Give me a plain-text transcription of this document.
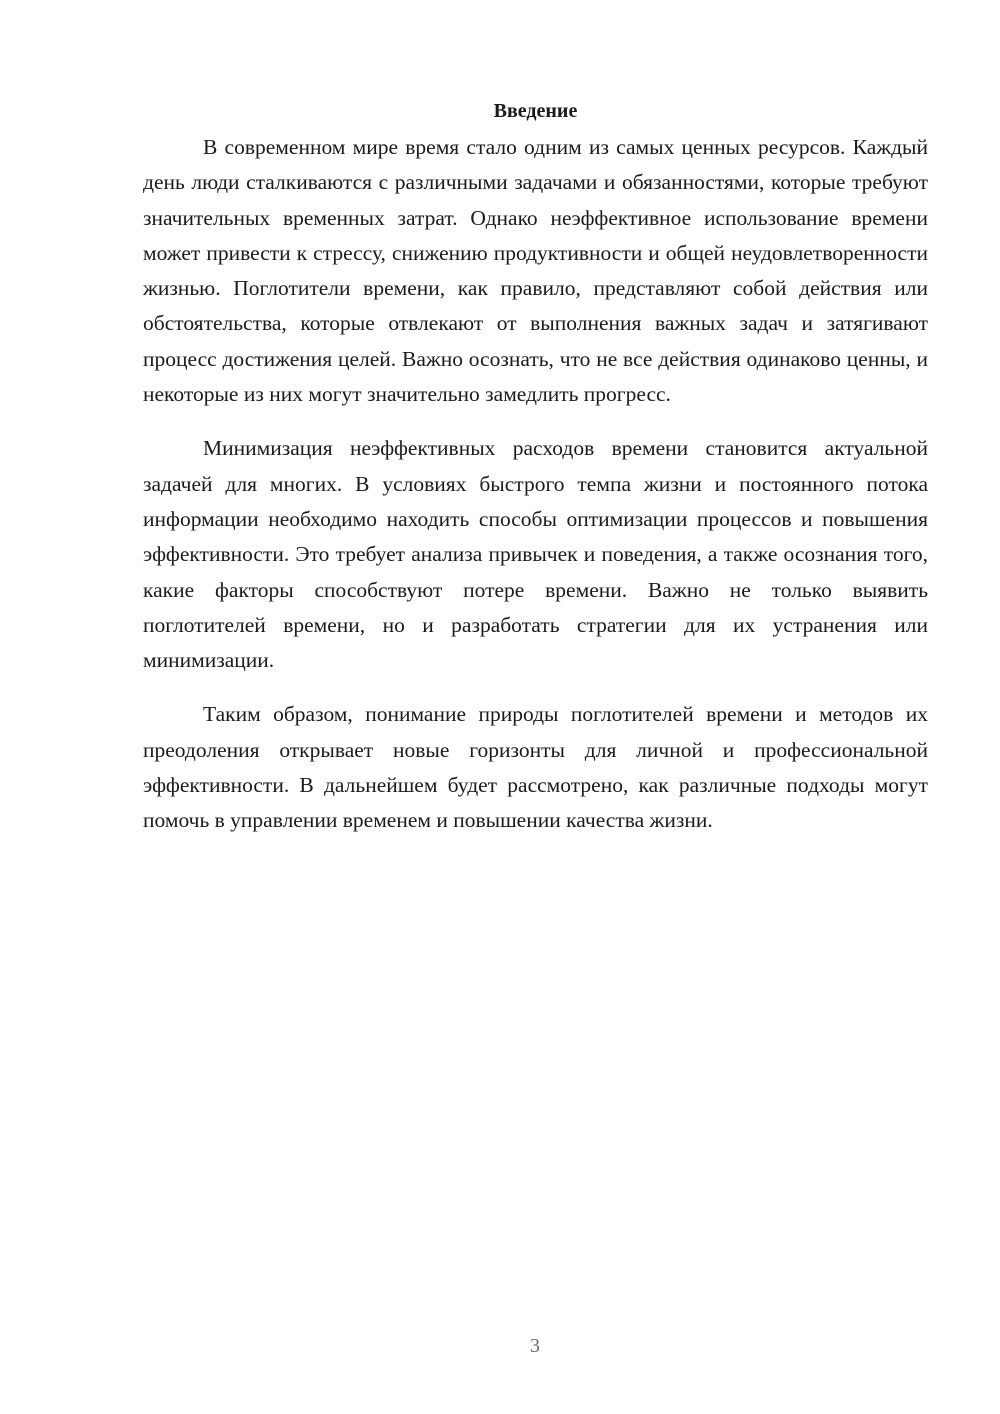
Введение

В современном мире время стало одним из самых ценных ресурсов. Каждый день люди сталкиваются с различными задачами и обязанностями, которые требуют значительных временных затрат. Однако неэффективное использование времени может привести к стрессу, снижению продуктивности и общей неудовлетворенности жизнью. Поглотители времени, как правило, представляют собой действия или обстоятельства, которые отвлекают от выполнения важных задач и затягивают процесс достижения целей. Важно осознать, что не все действия одинаково ценны, и некоторые из них могут значительно замедлить прогресс.

Минимизация неэффективных расходов времени становится актуальной задачей для многих. В условиях быстрого темпа жизни и постоянного потока информации необходимо находить способы оптимизации процессов и повышения эффективности. Это требует анализа привычек и поведения, а также осознания того, какие факторы способствуют потере времени. Важно не только выявить поглотителей времени, но и разработать стратегии для их устранения или минимизации.

Таким образом, понимание природы поглотителей времени и методов их преодоления открывает новые горизонты для личной и профессиональной эффективности. В дальнейшем будет рассмотрено, как различные подходы могут помочь в управлении временем и повышении качества жизни.

3
